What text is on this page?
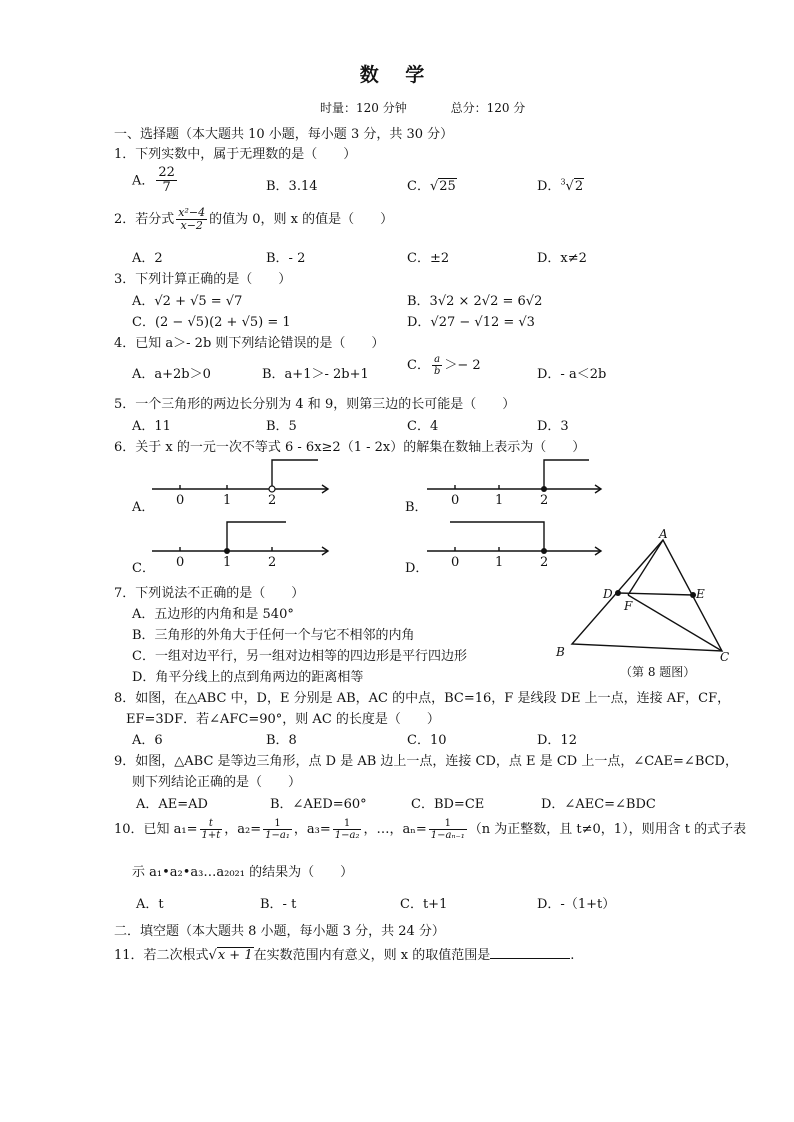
数 学
时量：120 分钟	总分：120 分
一、选择题（本大题共 10 小题，每小题 3 分，共 30 分）
1．下列实数中，属于无理数的是（　　）
A． $\frac{22}{7}$	B．3.14	C．√25	D．$^3$√2
2．若分式 $\frac{\text{x²−4}}{x-2}$ 的值为 0，则 x 的值是（　　）
A．2	B．- 2	C．±2	D．x≠2
3．下列计算正确的是（　　）
A．√2 + √5 = √7	B．3√2 × 2√2 = 6√2
C．(2 − √5)(2 + √5) = 1	D．√27 − √12 = √3
4．已知 a＞- 2b 则下列结论错误的是（　　）
A．a+2b＞0	B．a+1＞- 2b+1
C． $\frac{a}{b} >- 2$
D．- a＜2b
5．一个三角形的两边长分别为 4 和 9，则第三边的长可能是（　　）
A．11	B．5	C．4	D．3
6．关于 x 的一元一次不等式 6 - 6x≥2（1 - 2x）的解集在数轴上表示为（　　）
A． 0	1	2	B． 0	1	2
C． 0	1	2	D． 0	1	2
7．下列说法不正确的是（　　）
A．五边形的内角和是 540°
B．三角形的外角大于任何一个与它不相邻的内角
C．一组对边平行，另一组对边相等的四边形是平行四边形
D．角平分线上的点到角两边的距离相等
A
B	C
D	E
F
（第 8 题图）
8．如图，在△ABC 中，D，E 分别是 AB，AC 的中点，BC=16，F 是线段 DE 上一点，连接 AF，CF，
EF=3DF．若∠AFC=90°，则 AC 的长度是（　　）
A．6	B．8	C．10	D．12
9．如图，△ABC 是等边三角形，点 D 是 AB 边上一点，连接 CD，点 E 是 CD 上一点，∠CAE=∠BCD，
则下列结论正确的是（　　）
A．AE=AD	B．∠AED=60°	C．BD=CE	D．∠AEC=∠BDC
10．已知 $a_1= \frac{t}{1+t}$ ，$a_2= \frac{1}{\text{1−a₁}}$ ，$a_3= \frac{1}{\text{1−a₂}}$ ，…，$a_n= \frac{1}{\text{1−aₙ₋₁}} (n$ 为正整数，且 t≠0，1），则用含 t 的式子表
示 a₁•a₂•a₃…a₂₀₂₁ 的结果为（　　）
A．t	B．- t	C．t+1	D．-（1+t）
二．填空题（本大题共 8 小题，每小题 3 分，共 24 分）
11．若二次根式√x + 1在实数范围内有意义，则 x 的取值范围是	.
